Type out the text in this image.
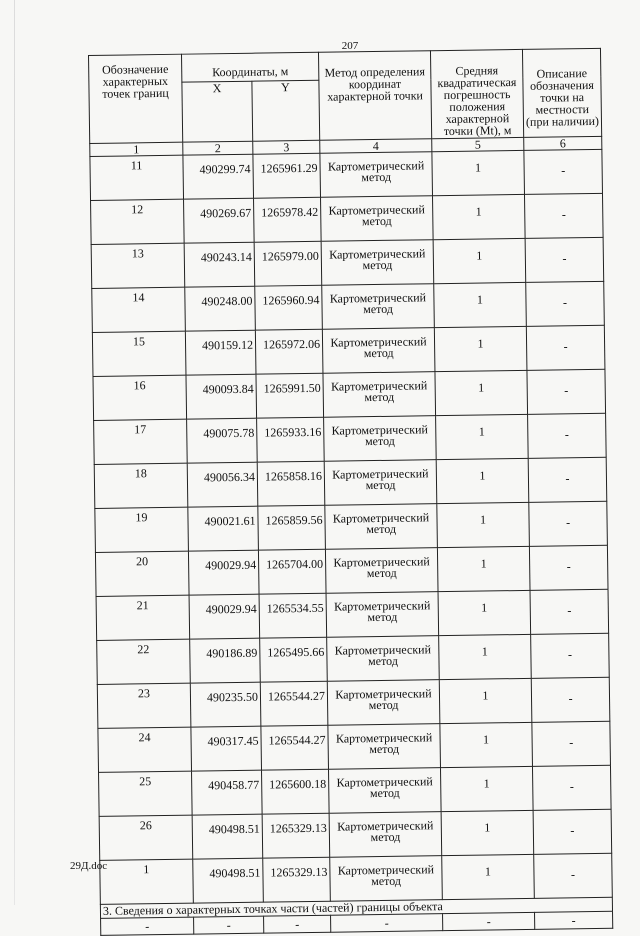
207
Обозначение характерных точек границ	Координаты, м		Метод определения координат характерной точки	Средняя квадратическая погрешность положения характерной точки (Mt), м	Описание обозначения точки на местности (при наличии)
	X	Y			
1	2	3	4	5	6
11	490299.74	1265961.29	Картометрический метод	1	-
12	490269.67	1265978.42	Картометрический метод	1	-
13	490243.14	1265979.00	Картометрический метод	1	-
14	490248.00	1265960.94	Картометрический метод	1	-
15	490159.12	1265972.06	Картометрический метод	1	-
16	490093.84	1265991.50	Картометрический метод	1	-
17	490075.78	1265933.16	Картометрический метод	1	-
18	490056.34	1265858.16	Картометрический метод	1	-
19	490021.61	1265859.56	Картометрический метод	1	-
20	490029.94	1265704.00	Картометрический метод	1	-
21	490029.94	1265534.55	Картометрический метод	1	-
22	490186.89	1265495.66	Картометрический метод	1	-
23	490235.50	1265544.27	Картометрический метод	1	-
24	490317.45	1265544.27	Картометрический метод	1	-
25	490458.77	1265600.18	Картометрический метод	1	-
26	490498.51	1265329.13	Картометрический метод	1	-
1	490498.51	1265329.13	Картометрический метод	1	-
3. Сведения о характерных точках части (частей) границы объекта					
-	-	-	-	-	-
29Д.doc
